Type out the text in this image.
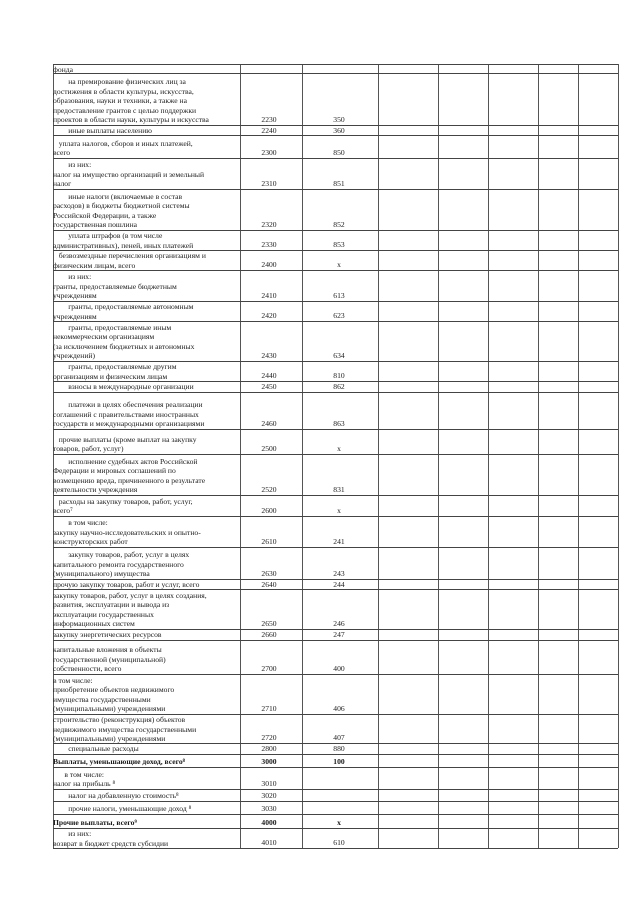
фонда
на премирование физических лиц за
достижения в области культуры, искусства,
образования, науки и техники, а также на
предоставление грантов с целью поддержки
проектов в области науки, культуры и искусства	2230	350
иные выплаты населению	2240	360
уплата налогов, сборов и иных платежей,
всего	2300	850
из них:
налог на имущество организаций и земельный
налог	2310	851
иные налоги (включаемые в состав
расходов) в бюджеты бюджетной системы
Российской Федерации, а также
государственная пошлина	2320	852
уплата штрафов (в том числе
административных), пеней, иных платежей	2330	853
безвозмездные перечисления организациям и
физическим лицам, всего	2400	x
из них:
гранты, предоставляемые бюджетным
учреждениям	2410	613
гранты, предоставляемые автономным
учреждениям	2420	623
гранты, предоставляемые иным
некоммерческим организациям
(за исключением бюджетных и автономных
учреждений)	2430	634
гранты, предоставляемые другим
организациям и физическим лицам	2440	810
взносы в международные организации	2450	862
платежи в целях обеспечения реализации
соглашений с правительствами иностранных
государств и международными организациями	2460	863
прочие выплаты (кроме выплат на закупку
товаров, работ, услуг)	2500	x
исполнение судебных актов Российской
Федерации и мировых соглашений по
возмещению вреда, причиненного в результате
деятельности учреждения	2520	831
расходы на закупку товаров, работ, услуг,
всего⁷	2600	x
в том числе:
закупку научно-исследовательских и опытно-
конструкторских работ	2610	241
закупку товаров, работ, услуг в целях
капитального ремонта государственного
(муниципального) имущества	2630	243
прочую закупку товаров, работ и услуг, всего	2640	244
закупку товаров, работ, услуг в целях создания,
развития, эксплуатации и вывода из
эксплуатации государственных
информационных систем	2650	246
закупку энергетических ресурсов	2660	247
капитальные вложения в объекты
государственной (муниципальной)
собственности, всего	2700	400
в том числе:
приобретение объектов недвижимого
имущества государственными
(муниципальными) учреждениями	2710	406
строительство (реконструкция) объектов
недвижимого имущества государственными
(муниципальными) учреждениями	2720	407
специальные расходы	2800	880
Выплаты, уменьшающие доход, всего⁸	3000	100
в том числе:
налог на прибыль ⁸	3010
налог на добавленную стоимость⁸	3020
прочие налоги, уменьшающие доход ⁸	3030
Прочие выплаты, всего⁹	4000	x
из них:
возврат в бюджет средств субсидии	4010	610
